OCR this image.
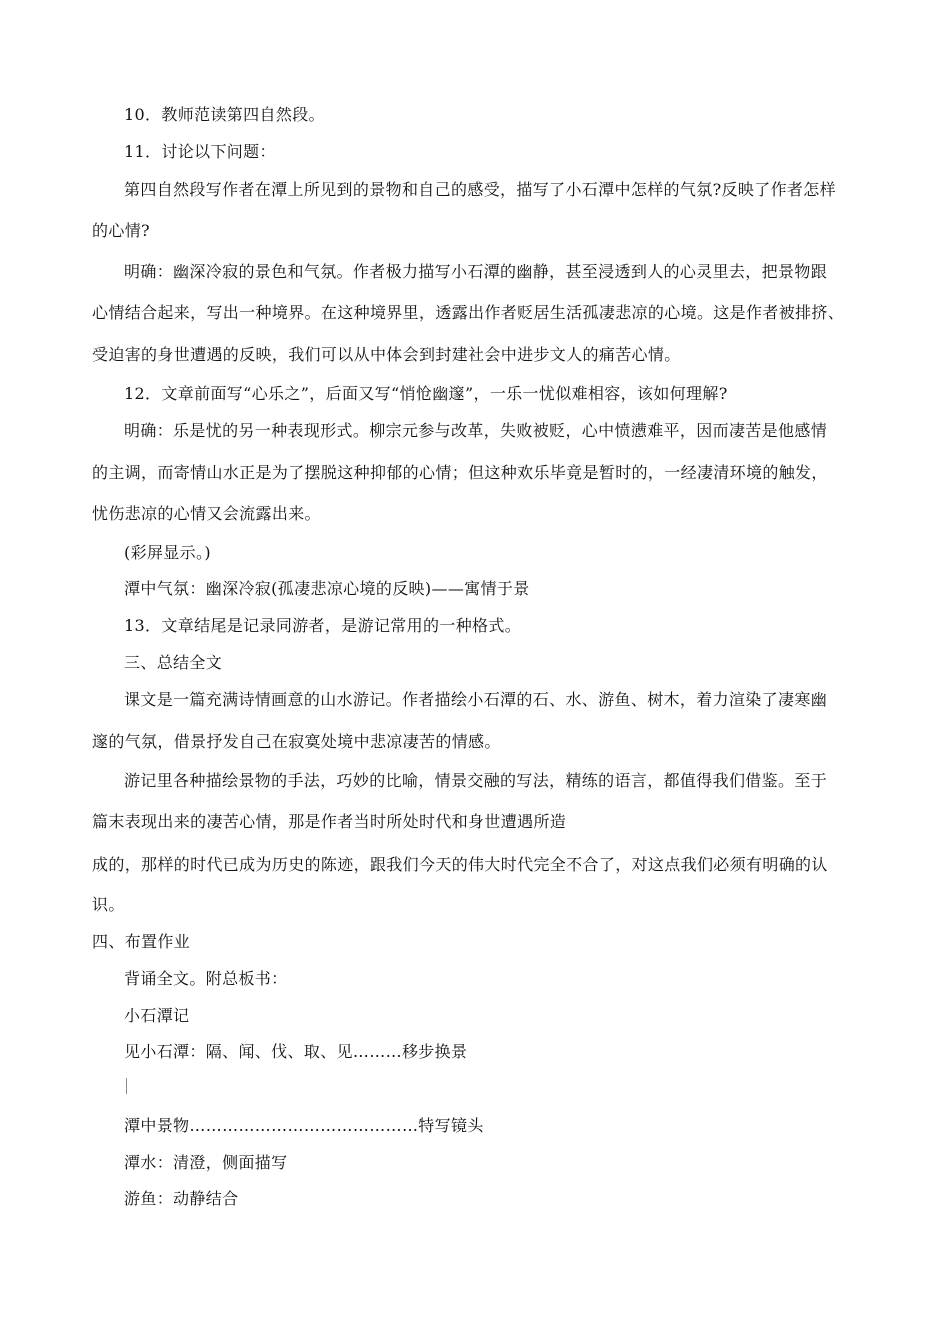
10．教师范读第四自然段。
11．讨论以下问题：
第四自然段写作者在潭上所见到的景物和自己的感受，描写了小石潭中怎样的气氛?反映了作者怎样
的心情?
明确：幽深冷寂的景色和气氛。作者极力描写小石潭的幽静，甚至浸透到人的心灵里去，把景物跟
心情结合起来，写出一种境界。在这种境界里，透露出作者贬居生活孤凄悲凉的心境。这是作者被排挤、
受迫害的身世遭遇的反映，我们可以从中体会到封建社会中进步文人的痛苦心情。
12．文章前面写“心乐之”，后面又写“悄怆幽邃”，一乐一忧似难相容，该如何理解?
明确：乐是忧的另一种表现形式。柳宗元参与改革，失败被贬，心中愤懑难平，因而凄苦是他感情
的主调，而寄情山水正是为了摆脱这种抑郁的心情；但这种欢乐毕竟是暂时的，一经凄清环境的触发，
忧伤悲凉的心情又会流露出来。
(彩屏显示。)
潭中气氛：幽深冷寂(孤凄悲凉心境的反映)——寓情于景
13．文章结尾是记录同游者，是游记常用的一种格式。
三、总结全文
课文是一篇充满诗情画意的山水游记。作者描绘小石潭的石、水、游鱼、树木，着力渲染了凄寒幽
邃的气氛，借景抒发自己在寂寞处境中悲凉凄苦的情感。
游记里各种描绘景物的手法，巧妙的比喻，情景交融的写法，精练的语言，都值得我们借鉴。至于
篇末表现出来的凄苦心情，那是作者当时所处时代和身世遭遇所造
成的，那样的时代已成为历史的陈迹，跟我们今天的伟大时代完全不合了，对这点我们必须有明确的认
识。
四、布置作业
背诵全文。附总板书：
小石潭记
见小石潭：隔、闻、伐、取、见………移步换景
潭中景物……………………………………特写镜头
潭水：清澄，侧面描写
游鱼：动静结合
